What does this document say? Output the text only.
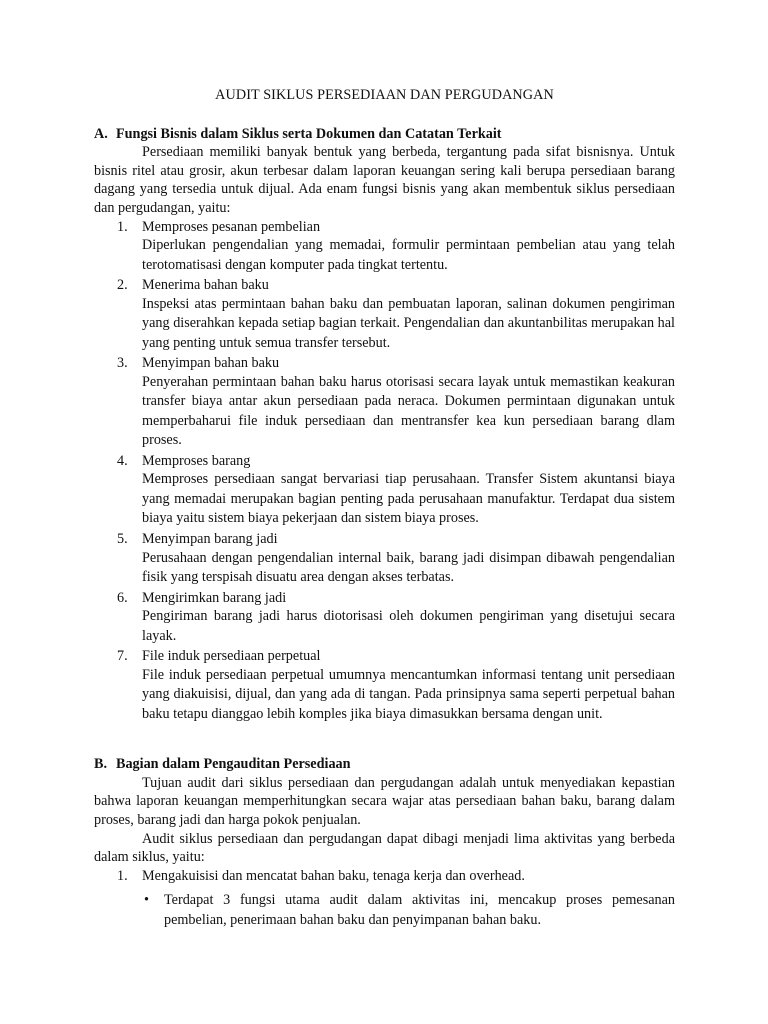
AUDIT SIKLUS PERSEDIAAN DAN PERGUDANGAN
A. Fungsi Bisnis dalam Siklus serta Dokumen dan Catatan Terkait

Persediaan memiliki banyak bentuk yang berbeda, tergantung pada sifat bisnisnya. Untuk bisnis ritel atau grosir, akun terbesar dalam laporan keuangan sering kali berupa persediaan barang dagang yang tersedia untuk dijual. Ada enam fungsi bisnis yang akan membentuk siklus persediaan dan pergudangan, yaitu:

1. Memproses pesanan pembelian
Diperlukan pengendalian yang memadai, formulir permintaan pembelian atau yang telah terotomatisasi dengan komputer pada tingkat tertentu.
2. Menerima bahan baku
Inspeksi atas permintaan bahan baku dan pembuatan laporan, salinan dokumen pengiriman yang diserahkan kepada setiap bagian terkait. Pengendalian dan akuntanbilitas merupakan hal yang penting untuk semua transfer tersebut.
3. Menyimpan bahan baku
Penyerahan permintaan bahan baku harus otorisasi secara layak untuk memastikan keakuran transfer biaya antar akun persediaan pada neraca. Dokumen permintaan digunakan untuk memperbaharui file induk persediaan dan mentransfer kea kun persediaan barang dlam proses.
4. Memproses barang
Memproses persediaan sangat bervariasi tiap perusahaan. Transfer Sistem akuntansi biaya yang memadai merupakan bagian penting pada perusahaan manufaktur. Terdapat dua sistem biaya yaitu sistem biaya pekerjaan dan sistem biaya proses.
5. Menyimpan barang jadi
Perusahaan dengan pengendalian internal baik, barang jadi disimpan dibawah pengendalian fisik yang terspisah disuatu area dengan akses terbatas.
6. Mengirimkan barang jadi
Pengiriman barang jadi harus diotorisasi oleh dokumen pengiriman yang disetujui secara layak.
7. File induk persediaan perpetual
File induk persediaan perpetual umumnya mencantumkan informasi tentang unit persediaan yang diakuisisi, dijual, dan yang ada di tangan. Pada prinsipnya sama seperti perpetual bahan baku tetapu dianggao lebih komples jika biaya dimasukkan bersama dengan unit.
B. Bagian dalam Pengauditan Persediaan

Tujuan audit dari siklus persediaan dan pergudangan adalah untuk menyediakan kepastian bahwa laporan keuangan memperhitungkan secara wajar atas persediaan bahan baku, barang dalam proses, barang jadi dan harga pokok penjualan.

Audit siklus persediaan dan pergudangan dapat dibagi menjadi lima aktivitas yang berbeda dalam siklus, yaitu:

1. Mengakuisisi dan mencatat bahan baku, tenaga kerja dan overhead.
• Terdapat 3 fungsi utama audit dalam aktivitas ini, mencakup proses pemesanan pembelian, penerimaan bahan baku dan penyimpanan bahan baku.
